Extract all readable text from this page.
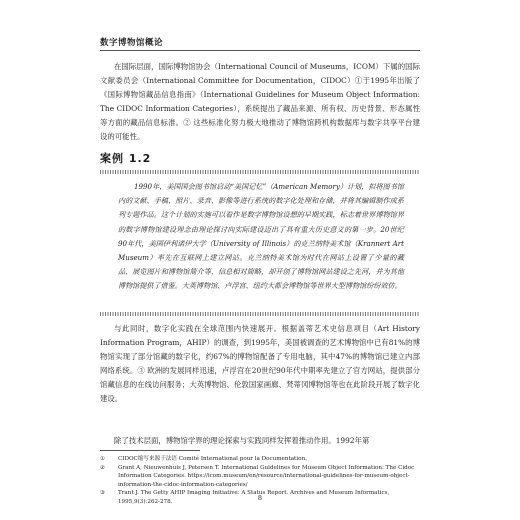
数字博物馆概论

在国际层面，国际博物馆协会（International Council of Museums，ICOM）下属的国际文献委员会（International Committee for Documentation，CIDOC）①于1995年出版了《国际博物馆藏品信息指南》（International Guidelines for Museum Object Information: The CIDOC Information Categories），系统提出了藏品来源、所有权、历史背景、形态属性等方面的藏品信息标准。② 这些标准化努力极大地推动了博物馆跨机构数据库与数字共享平台建设的可能性。

案例 1.2

1990年，美国国会图书馆启动“美国记忆”（American Memory）计划，拟将图书馆内的文献、手稿、照片、录音、影像等进行系统的数字化处理和存储，并将其编辑制作成系列专题作品。这个计划的实施可以看作是数字博物馆设想的早期实践，标志着世界博物馆界的数字博物馆建设理念由理论探讨向实际建设迈出了具有重大历史意义的第一步。20世纪90年代，美国伊利诺伊大学（University of Illinois）的克兰纳特美术馆（Krannert Art Museum）率先在互联网上建立网站。克兰纳特美术馆为时代在网站上设置了少量的藏品、展览图片和博物馆简介等，信息相对简略，却开创了博物馆网站建设之先河，并为其他博物馆提供了借鉴。大英博物馆、卢浮宫、纽约大都会博物馆等世界大型博物馆纷纷效仿。

与此同时，数字化实践在全球范围内快速展开。根据盖蒂艺术史信息项目（Art History Information Program，AHIP）的调查，到1995年，美国被调查的艺术博物馆中已有81%的博物馆实现了部分馆藏的数字化，约67%的博物馆配备了专用电脑，其中47%的博物馆已建立内部网络系统。③ 欧洲的发展同样迅速，卢浮宫在20世纪90年代中期率先建立了官方网站，提供部分馆藏信息的在线访问服务；大英博物馆、伦敦国家画廊、梵蒂冈博物馆等也在此阶段开展了数字化建设。

除了技术层面，博物馆学界的理论探索与实践同样发挥着推动作用。1992年第

① CIDOC缩写来源于法语 Comité International pour la Documentation。
② Grant A, Nieuwenhuis J, Petersen T. International Guidelines for Museum Object Information: The Cidoc Information Categories. https://icom.museum/en/resource/international-guidelines-for-museum-object-information-the-cidoc-information-categories/
③ Trant J. The Getty AHIP Imaging Initiative: A Status Report. Archives and Museum Informatics, 1995,9(3):262-278.	8
